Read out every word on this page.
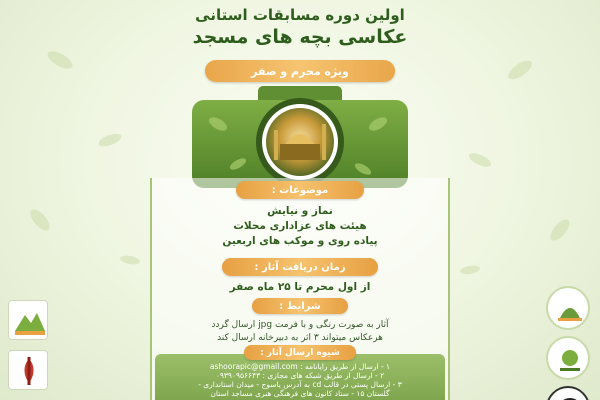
اولین دوره مسابقات استانی
عکاسی بچه های مسجد
ویژه محرم و صفر
موضوعات :
نماز و نیایش
هیئت های عزاداری محلات
پیاده روی و موکب های اربعین
زمان دریافت آثار :
از اول محرم تا ۲۵ ماه صفر
شرایط :
آثار به صورت رنگی و با فرمت jpg ارسال گردد
هرعکاس میتواند ۳ اثر به دبیرخانه ارسال کند
شیوه ارسال آثار :
۱ - ارسال از طریق رایانامه : ashoorapic@gmail.com
۲ - ارسال از طریق شبکه های مجازی : ۰۹۳۹۰۹۵۶۶۴۳
۳ - ارسال پستی در قالب cd به آدرس یاسوج - میدان استانداری -
گلستان ۱۵ - ستاد کانون های فرهنگی هنری مساجد استان
